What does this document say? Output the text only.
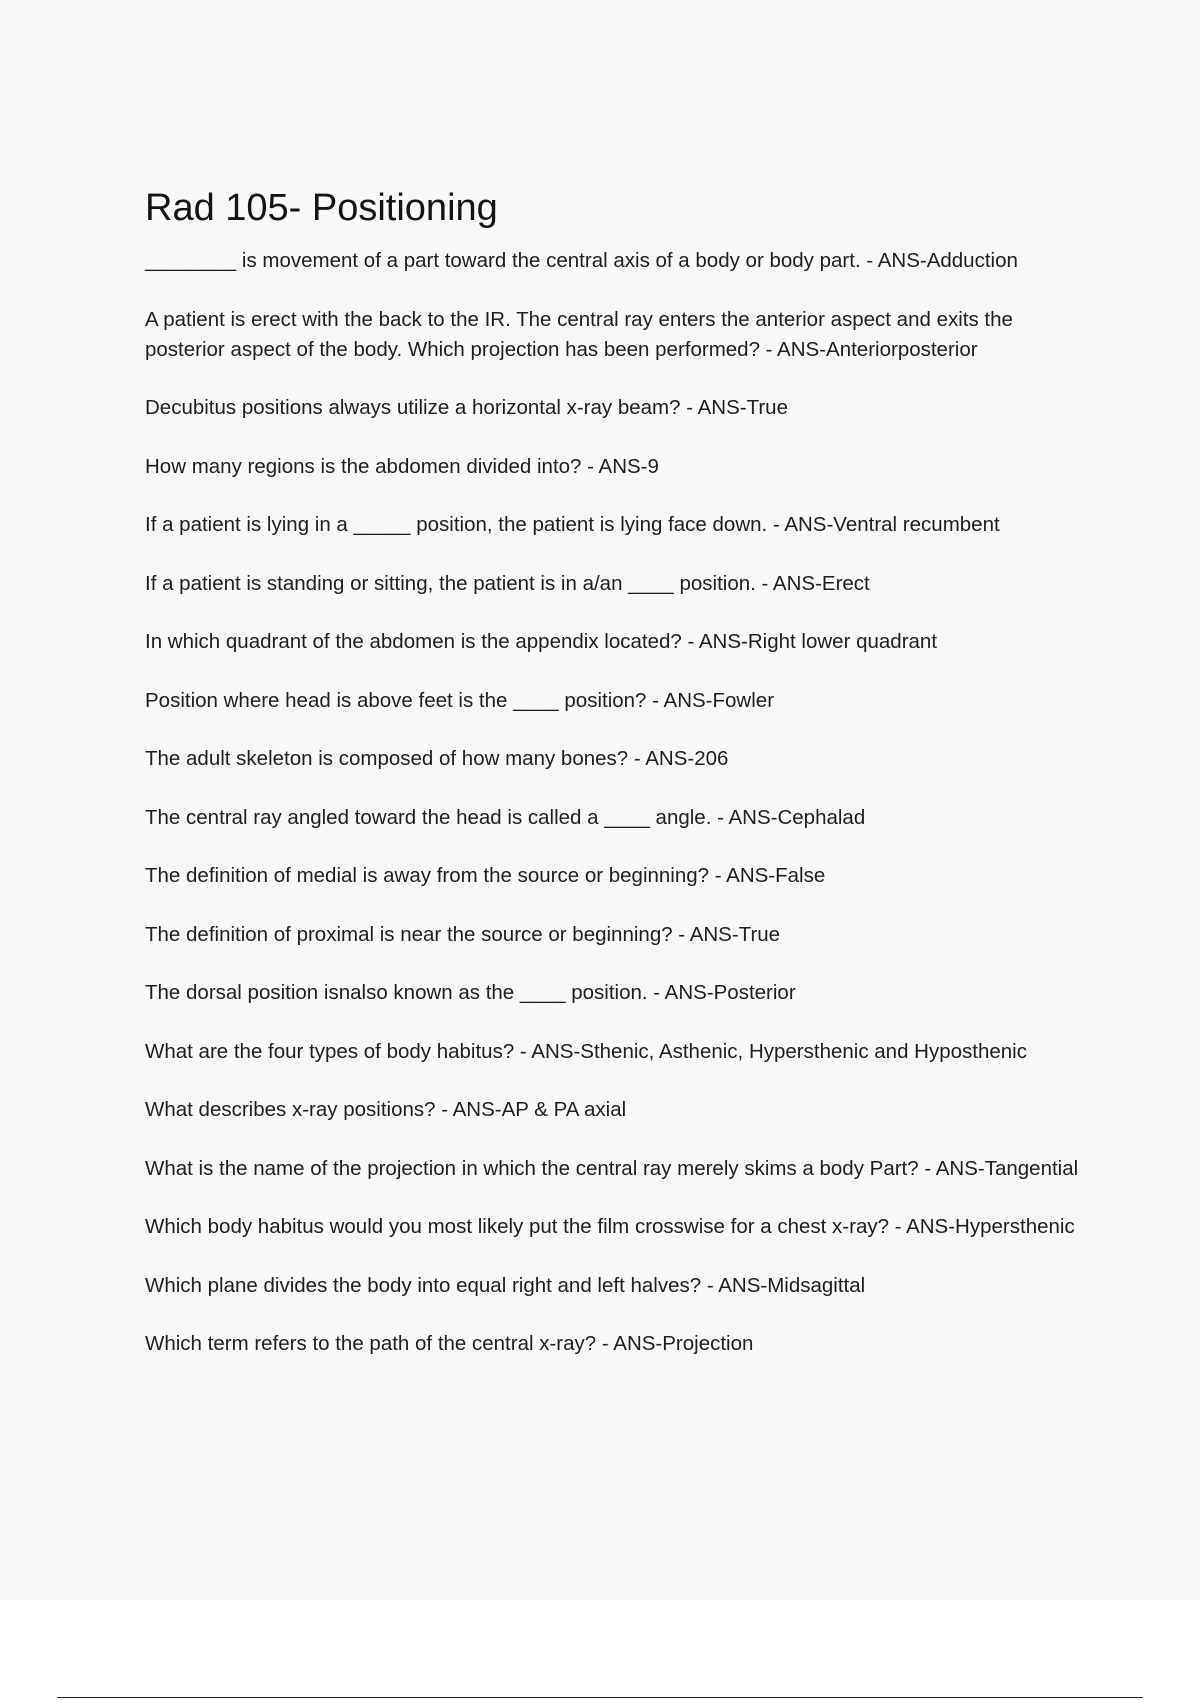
Rad 105- Positioning
________ is movement of a part toward the central axis of a body or body part. - ANS-Adduction
A patient is erect with the back to the IR. The central ray enters the anterior aspect and exits the posterior aspect of the body. Which projection has been performed? - ANS-Anteriorposterior
Decubitus positions always utilize a horizontal x-ray beam? - ANS-True
How many regions is the abdomen divided into? - ANS-9
If a patient is lying in a _____ position, the patient is lying face down. - ANS-Ventral recumbent
If a patient is standing or sitting, the patient is in a/an ____ position. - ANS-Erect
In which quadrant of the abdomen is the appendix located? - ANS-Right lower quadrant
Position where head is above feet is the ____ position? - ANS-Fowler
The adult skeleton is composed of how many bones? - ANS-206
The central ray angled toward the head is called a ____ angle. - ANS-Cephalad
The definition of medial is away from the source or beginning? - ANS-False
The definition of proximal is near the source or beginning? - ANS-True
The dorsal position isnalso known as the ____ position. - ANS-Posterior
What are the four types of body habitus? - ANS-Sthenic, Asthenic, Hypersthenic and Hyposthenic
What describes x-ray positions? - ANS-AP & PA axial
What is the name of the projection in which the central ray merely skims a body Part? - ANS-Tangential
Which body habitus would you most likely put the film crosswise for a chest x-ray? - ANS-Hypersthenic
Which plane divides the body into equal right and left halves? - ANS-Midsagittal
Which term refers to the path of the central x-ray? - ANS-Projection
